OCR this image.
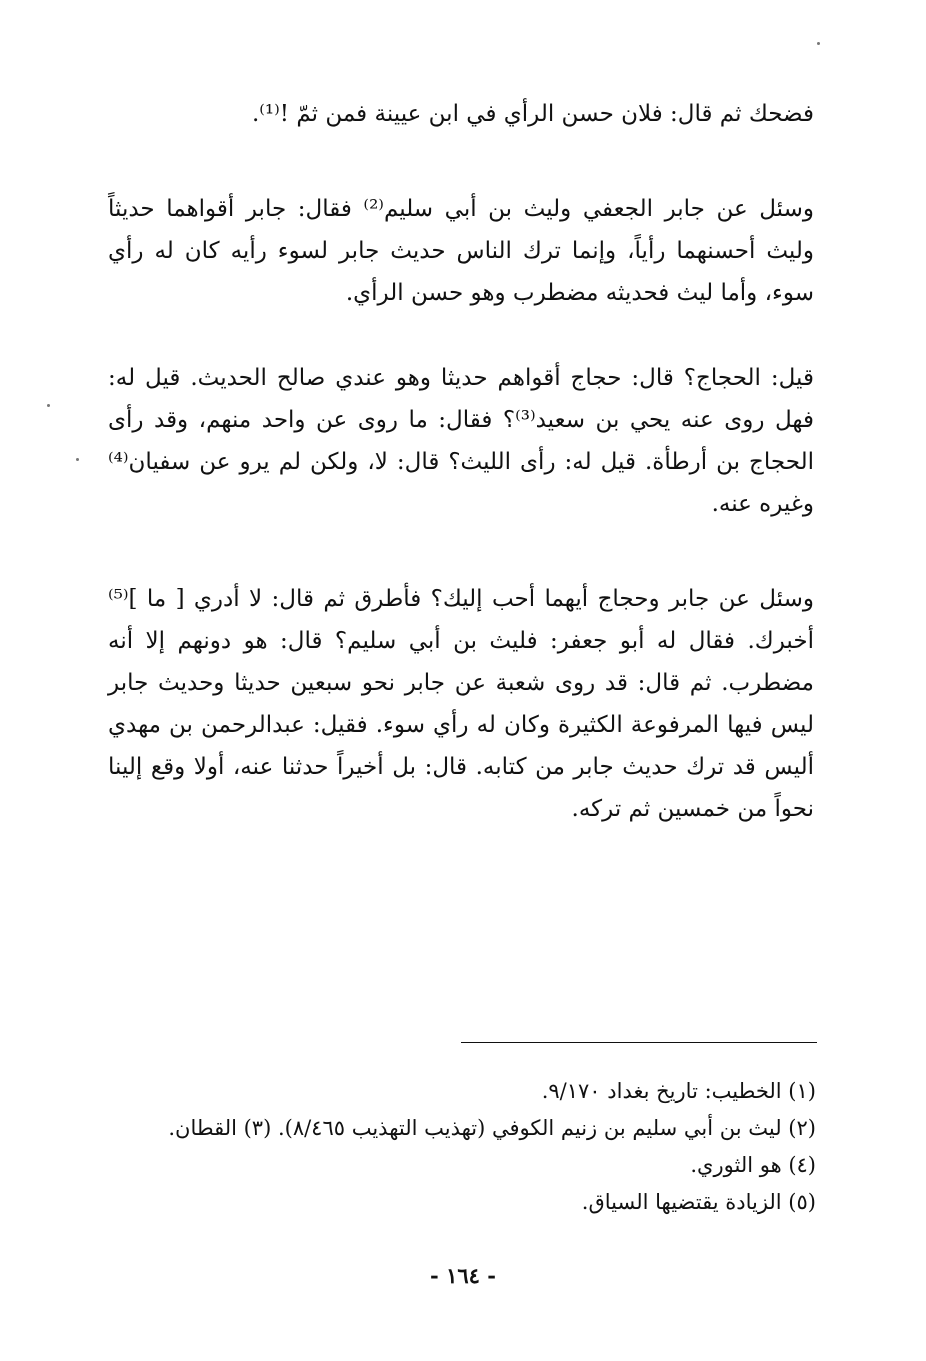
فضحك ثم قال: فلان حسن الرأي في ابن عيينة فمن ثمّ !⁽¹⁾.

وسئل عن جابر الجعفي وليث بن أبي سليم⁽²⁾ فقال: جابر أقواهما حديثاً وليث أحسنهما رأياً، وإنما ترك الناس حديث جابر لسوء رأيه كان له رأي سوء، وأما ليث فحديثه مضطرب وهو حسن الرأي.

قيل: الحجاج؟ قال: حجاج أقواهم حديثا وهو عندي صالح الحديث. قيل له: فهل روى عنه يحي بن سعيد⁽³⁾؟ فقال: ما روى عن واحد منهم، وقد رأى الحجاج بن أرطأة. قيل له: رأى الليث؟ قال: لا، ولكن لم يرو عن سفيان⁽⁴⁾ وغيره عنه.

وسئل عن جابر وحجاج أيهما أحب إليك؟ فأطرق ثم قال: لا أدري [ ما ]⁽⁵⁾ أخبرك. فقال له أبو جعفر: فليث بن أبي سليم؟ قال: هو دونهم إلا أنه مضطرب. ثم قال: قد روى شعبة عن جابر نحو سبعين حديثا وحديث جابر ليس فيها المرفوعة الكثيرة وكان له رأي سوء. فقيل: عبدالرحمن بن مهدي أليس قد ترك حديث جابر من كتابه. قال: بل أخيراً حدثنا عنه، أولا وقع إلينا نحواً من خمسين ثم تركه.

(١) الخطيب: تاريخ بغداد ٩/١٧٠.
(٢) ليث بن أبي سليم بن زنيم الكوفي (تهذيب التهذيب ٨/٤٦٥). (٣) القطان.
(٤) هو الثوري.
(٥) الزيادة يقتضيها السياق.
- ١٦٤ -
